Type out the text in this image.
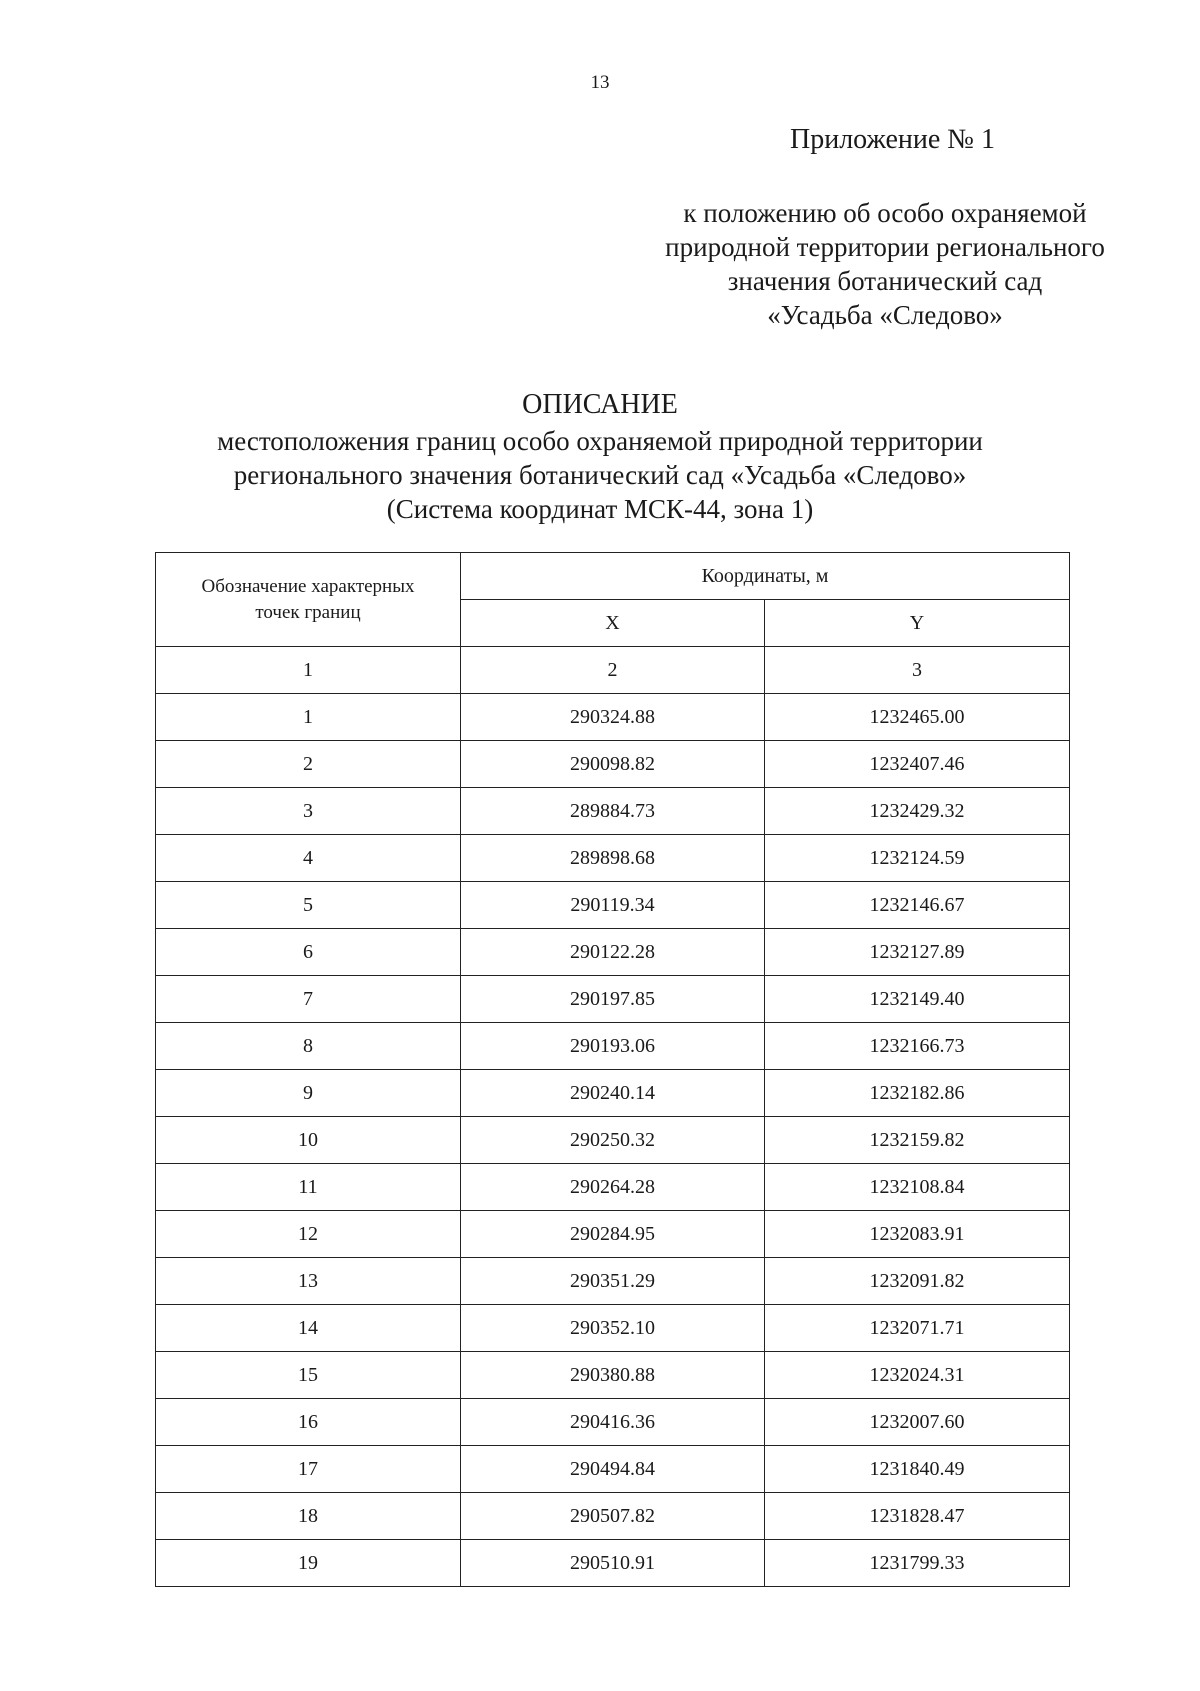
13
Приложение № 1
к положению об особо охраняемой
природной территории регионального
значения ботанический сад
«Усадьба «Следово»
ОПИСАНИЕ
местоположения границ особо охраняемой природной территории
регионального значения ботанический сад «Усадьба «Следово»
(Система координат МСК-44, зона 1)
Обозначение характерных
точек границ	Координаты, м	
	X	Y
1	2	3
1	290324.88	1232465.00
2	290098.82	1232407.46
3	289884.73	1232429.32
4	289898.68	1232124.59
5	290119.34	1232146.67
6	290122.28	1232127.89
7	290197.85	1232149.40
8	290193.06	1232166.73
9	290240.14	1232182.86
10	290250.32	1232159.82
11	290264.28	1232108.84
12	290284.95	1232083.91
13	290351.29	1232091.82
14	290352.10	1232071.71
15	290380.88	1232024.31
16	290416.36	1232007.60
17	290494.84	1231840.49
18	290507.82	1231828.47
19	290510.91	1231799.33
